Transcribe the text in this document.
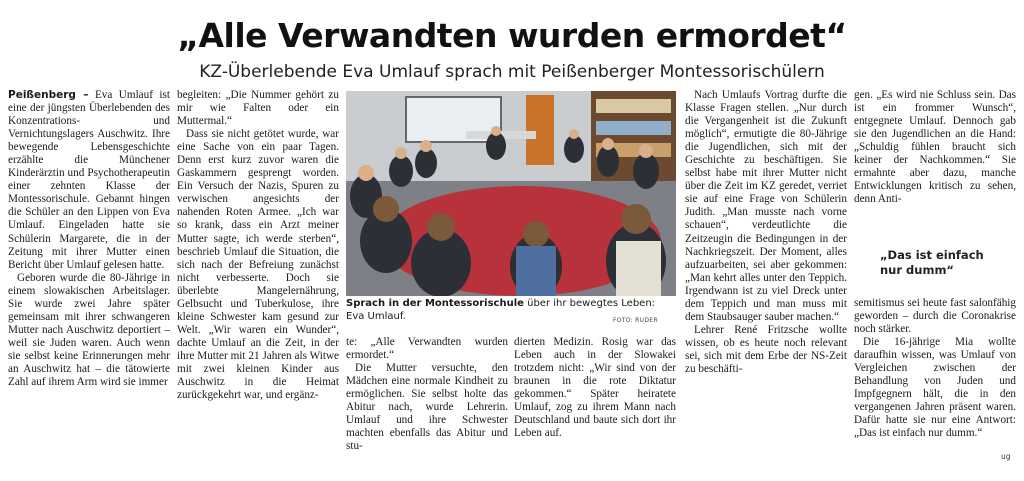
„Alle Verwandten wurden ermordet“
KZ-Überlebende Eva Umlauf sprach mit Peißenberger Montessorischülern

Peißenberg – Eva Umlauf ist eine der jüngsten Überlebenden des Konzentrations- und Vernichtungslagers Auschwitz. Ihre bewegende Lebensgeschichte erzählte die Münchener Kinderärztin und Psychotherapeutin einer zehnten Klasse der Montessorischule. Gebannt hingen die Schüler an den Lippen von Eva Umlauf. Eingeladen hatte sie Schülerin Margarete, die in der Zeitung mit ihrer Mutter einen Bericht über Umlauf gelesen hatte.

Geboren wurde die 80-Jährige in einem slowakischen Arbeitslager. Sie wurde zwei Jahre später gemeinsam mit ihrer schwangeren Mutter nach Auschwitz deportiert – weil sie Juden waren. Auch wenn sie selbst keine Erinnerungen mehr an Auschwitz hat – die tätowierte Zahl auf ihrem Arm wird sie immer

begleiten: „Die Nummer gehört zu mir wie Falten oder ein Muttermal.“

Dass sie nicht getötet wurde, war eine Sache von ein paar Tagen. Denn erst kurz zuvor waren die Gaskammern gesprengt worden. Ein Versuch der Nazis, Spuren zu verwischen angesichts der nahenden Roten Armee. „Ich war so krank, dass ein Arzt meiner Mutter sagte, ich werde sterben“, beschrieb Umlauf die Situation, die sich nach der Befreiung zunächst nicht verbesserte. Doch sie überlebte Mangelernährung, Gelbsucht und Tuberkulose, ihre kleine Schwester kam gesund zur Welt. „Wir waren ein Wunder“, dachte Umlauf an die Zeit, in der ihre Mutter mit 21 Jahren als Witwe mit zwei kleinen Kinder aus Auschwitz in die Heimat zurückgekehrt war, und ergänz-

Sprach in der Montessorischule über ihr bewegtes Leben: Eva Umlauf.	FOTO: RUDER

te: „Alle Verwandten wurden ermordet.“

Die Mutter versuchte, den Mädchen eine normale Kindheit zu ermöglichen. Sie selbst holte das Abitur nach, wurde Lehrerin. Umlauf und ihre Schwester machten ebenfalls das Abitur und stu-

dierten Medizin. Rosig war das Leben auch in der Slowakei trotzdem nicht: „Wir sind von der braunen in die rote Diktatur gekommen.“ Später heiratete Umlauf, zog zu ihrem Mann nach Deutschland und baute sich dort ihr Leben auf.

Nach Umlaufs Vortrag durfte die Klasse Fragen stellen. „Nur durch die Vergangenheit ist die Zukunft möglich“, ermutigte die 80-Jährige die Jugendlichen, sich mit der Geschichte zu beschäftigen. Sie selbst habe mit ihrer Mutter nicht über die Zeit im KZ geredet, verriet sie auf eine Frage von Schülerin Judith. „Man musste nach vorne schauen“, verdeutlichte die Zeitzeugin die Bedingungen in der Nachkriegszeit. Der Moment, alles aufzuarbeiten, sei aber gekommen: „Man kehrt alles unter den Teppich. Irgendwann ist zu viel Dreck unter dem Teppich und man muss mit dem Staubsauger sauber machen.“

Lehrer René Fritzsche wollte wissen, ob es heute noch relevant sei, sich mit dem Erbe der NS-Zeit zu beschäfti-

gen. „Es wird nie Schluss sein. Das ist ein frommer Wunsch“, entgegnete Umlauf. Dennoch gab sie den Jugendlichen an die Hand: „Schuldig fühlen braucht sich keiner der Nachkommen.“ Sie ermahnte aber dazu, manche Entwicklungen kritisch zu sehen, denn Anti-

„Das ist einfach nur dumm“

semitismus sei heute fast salonfähig geworden – durch die Coronakrise noch stärker.

Die 16-jährige Mia wollte daraufhin wissen, was Umlauf von Vergleichen zwischen der Behandlung von Juden und Impfgegnern hält, die in den vergangenen Jahren präsent waren. Dafür hatte sie nur eine Antwort: „Das ist einfach nur dumm.“

ug
